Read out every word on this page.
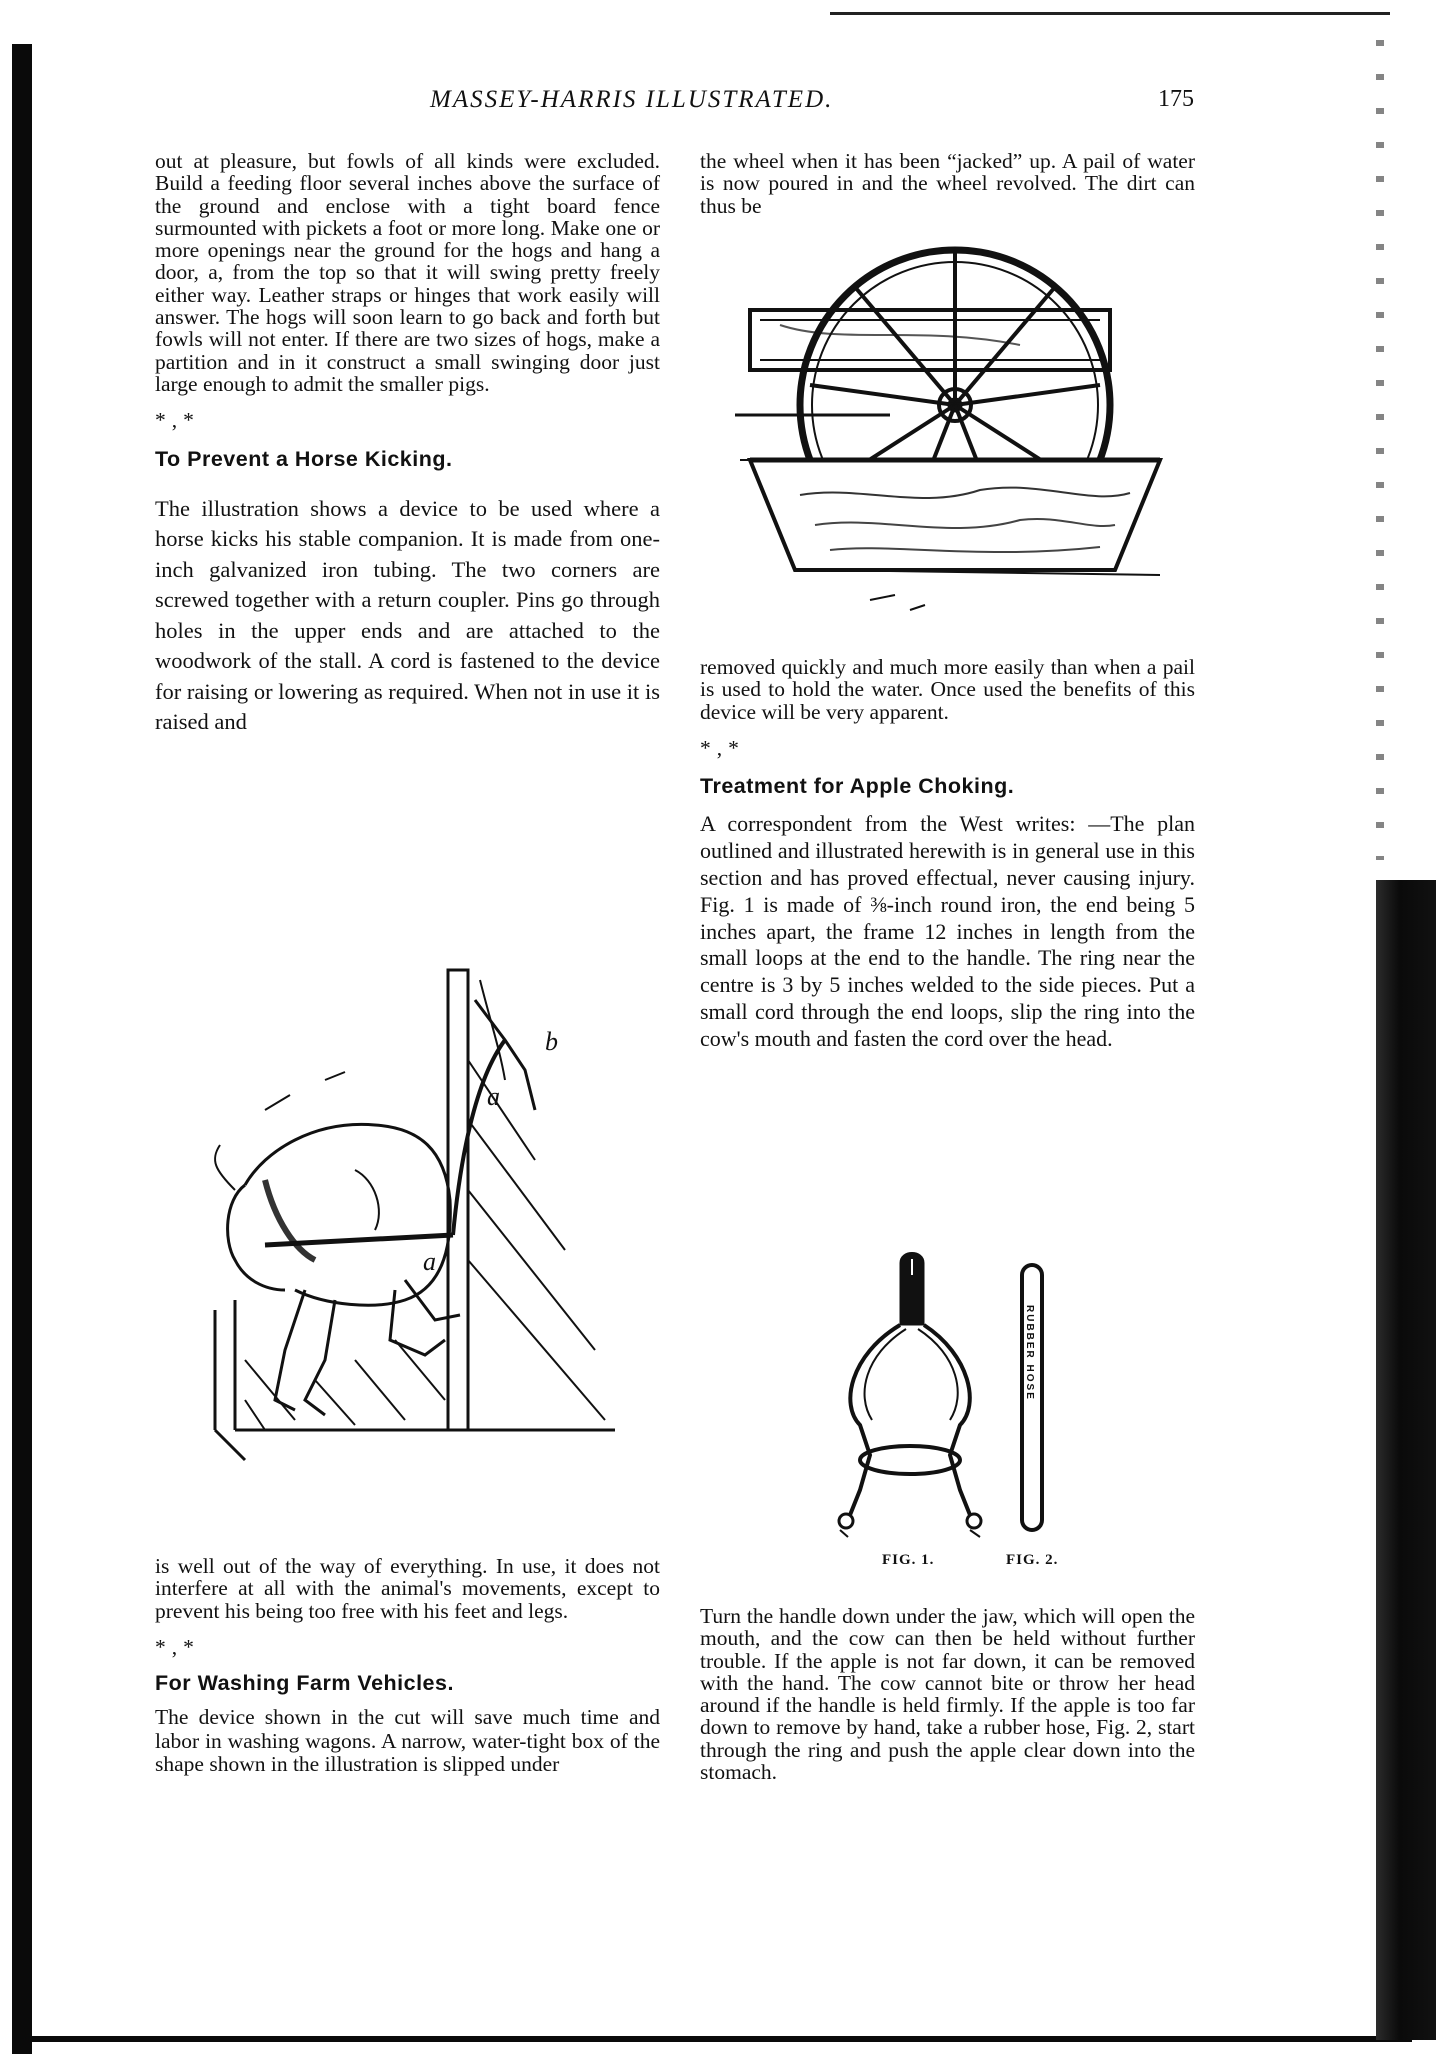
MASSEY-HARRIS ILLUSTRATED.	175

out at pleasure, but fowls of all kinds were excluded. Build a feeding floor several inches above the surface of the ground and enclose with a tight board fence surmounted with pickets a foot or more long. Make one or more openings near the ground for the hogs and hang a door, a, from the top so that it will swing pretty freely either way. Leather straps or hinges that work easily will answer. The hogs will soon learn to go back and forth but fowls will not enter. If there are two sizes of hogs, make a partition and in it construct a small swinging door just large enough to admit the smaller pigs.

*,*

To Prevent a Horse Kicking.

The illustration shows a device to be used where a horse kicks his stable companion. It is made from one-inch galvanized iron tubing. The two corners are screwed together with a return coupler. Pins go through holes in the upper ends and are attached to the woodwork of the stall. A cord is fastened to the device for raising or lowering as required. When not in use it is raised and

b
a
a

is well out of the way of everything. In use, it does not interfere at all with the animal's movements, except to prevent his being too free with his feet and legs.

*,*

For Washing Farm Vehicles.

The device shown in the cut will save much time and labor in washing wagons. A narrow, water-tight box of the shape shown in the illustration is slipped under

the wheel when it has been “jacked” up. A pail of water is now poured in and the wheel revolved. The dirt can thus be

removed quickly and much more easily than when a pail is used to hold the water. Once used the benefits of this device will be very apparent.

*,*

Treatment for Apple Choking.

A correspondent from the West writes: —The plan outlined and illustrated herewith is in general use in this section and has proved effectual, never causing injury. Fig. 1 is made of ⅜-inch round iron, the end being 5 inches apart, the frame 12 inches in length from the small loops at the end to the handle. The ring near the centre is 3 by 5 inches welded to the side pieces. Put a small cord through the end loops, slip the ring into the cow's mouth and fasten the cord over the head.

RUBBER HOSE
FIG. 1.	FIG. 2.

Turn the handle down under the jaw, which will open the mouth, and the cow can then be held without further trouble. If the apple is not far down, it can be removed with the hand. The cow cannot bite or throw her head around if the handle is held firmly. If the apple is too far down to remove by hand, take a rubber hose, Fig. 2, start through the ring and push the apple clear down into the stomach.
